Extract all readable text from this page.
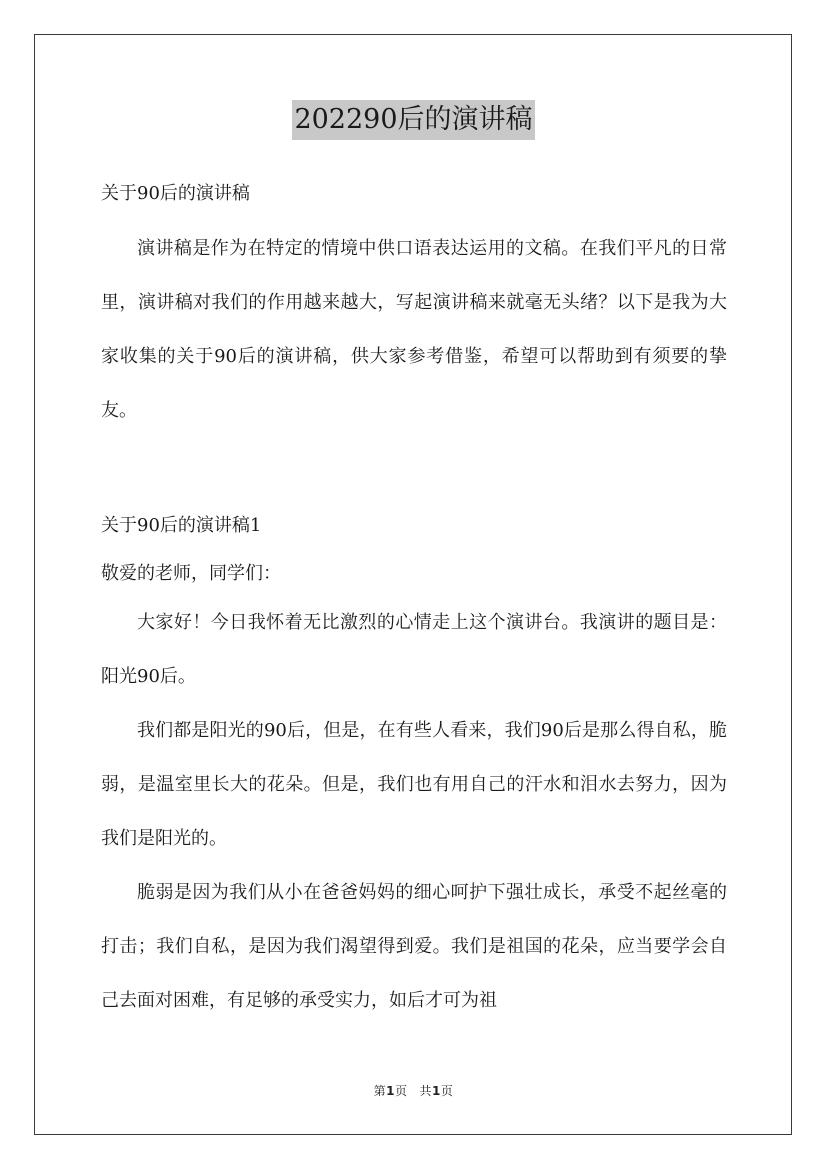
202290后的演讲稿

关于90后的演讲稿

演讲稿是作为在特定的情境中供口语表达运用的文稿。在我们平凡的日常里，演讲稿对我们的作用越来越大，写起演讲稿来就毫无头绪？以下是我为大家收集的关于90后的演讲稿，供大家参考借鉴，希望可以帮助到有须要的挚友。

关于90后的演讲稿1

敬爱的老师，同学们：

大家好！今日我怀着无比激烈的心情走上这个演讲台。我演讲的题目是：阳光90后。

我们都是阳光的90后，但是，在有些人看来，我们90后是那么得自私，脆弱，是温室里长大的花朵。但是，我们也有用自己的汗水和泪水去努力，因为我们是阳光的。

脆弱是因为我们从小在爸爸妈妈的细心呵护下强壮成长，承受不起丝毫的打击；我们自私，是因为我们渴望得到爱。我们是祖国的花朵，应当要学会自己去面对困难，有足够的承受实力，如后才可为祖

第1页 共1页
